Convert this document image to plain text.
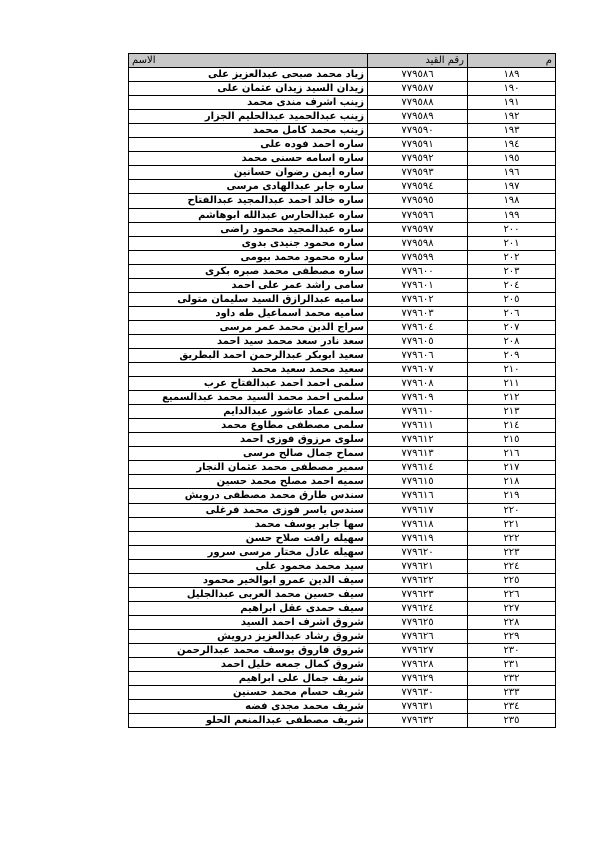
الاسم	رقم القيد	م
زياد محمد صبحى عبدالعزيز على	٧٧٩٥٨٦	١٨٩
زيدان السيد زيدان عثمان على	٧٧٩٥٨٧	١٩٠
زينب اشرف مندى محمد	٧٧٩٥٨٨	١٩١
زينب عبدالحميد عبدالحليم الجزار	٧٧٩٥٨٩	١٩٢
زينب محمد كامل محمد	٧٧٩٥٩٠	١٩٣
ساره احمد فوده على	٧٧٩٥٩١	١٩٤
ساره اسامه حسنى محمد	٧٧٩٥٩٢	١٩٥
ساره ايمن رضوان حسانين	٧٧٩٥٩٣	١٩٦
ساره جابر عبدالهادى مرسى	٧٧٩٥٩٤	١٩٧
ساره خالد احمد عبدالمجيد عبدالفتاح	٧٧٩٥٩٥	١٩٨
ساره عبدالحارس عبدالله ابوهاشم	٧٧٩٥٩٦	١٩٩
ساره عبدالمجيد محمود راضى	٧٧٩٥٩٧	٢٠٠
ساره محمود جنيدى بدوى	٧٧٩٥٩٨	٢٠١
ساره محمود محمد بيومى	٧٧٩٥٩٩	٢٠٢
ساره مصطفى محمد صبره بكرى	٧٧٩٦٠٠	٢٠٣
سامى راشد عمر على احمد	٧٧٩٦٠١	٢٠٤
ساميه عبدالرازق السيد سليمان متولى	٧٧٩٦٠٢	٢٠٥
ساميه محمد اسماعيل طه داود	٧٧٩٦٠٣	٢٠٦
سراج الدين محمد عمر مرسى	٧٧٩٦٠٤	٢٠٧
سعد نادر سعد محمد سيد احمد	٧٧٩٦٠٥	٢٠٨
سعيد ابوبكر عبدالرحمن احمد البطريق	٧٧٩٦٠٦	٢٠٩
سعيد محمد سعيد محمد	٧٧٩٦٠٧	٢١٠
سلمى احمد احمد عبدالفتاح عرب	٧٧٩٦٠٨	٢١١
سلمى احمد محمد السيد محمد عبدالسميع	٧٧٩٦٠٩	٢١٢
سلمى عماد عاشور عبدالدايم	٧٧٩٦١٠	٢١٣
سلمى مصطفى مطاوع محمد	٧٧٩٦١١	٢١٤
سلوى مرزوق فوزى احمد	٧٧٩٦١٢	٢١٥
سماح جمال صالح مرسى	٧٧٩٦١٣	٢١٦
سمير مصطفى محمد عثمان النجار	٧٧٩٦١٤	٢١٧
سميه احمد مصلح محمد حسين	٧٧٩٦١٥	٢١٨
سندس طارق محمد مصطفى درويش	٧٧٩٦١٦	٢١٩
سندس ياسر فوزى محمد فرغلى	٧٧٩٦١٧	٢٢٠
سها جابر يوسف محمد	٧٧٩٦١٨	٢٢١
سهيله رافت صلاح حسن	٧٧٩٦١٩	٢٢٢
سهيله عادل مختار مرسى سرور	٧٧٩٦٢٠	٢٢٣
سيد محمد محمود على	٧٧٩٦٢١	٢٢٤
سيف الدين عمرو ابوالخير محمود	٧٧٩٦٢٢	٢٢٥
سيف حسين محمد العربى عبدالجليل	٧٧٩٦٢٣	٢٢٦
سيف حمدى عقل ابراهيم	٧٧٩٦٢٤	٢٢٧
شروق اشرف احمد السيد	٧٧٩٦٢٥	٢٢٨
شروق رشاد عبدالعزيز درويش	٧٧٩٦٢٦	٢٢٩
شروق فاروق يوسف محمد عبدالرحمن	٧٧٩٦٢٧	٢٣٠
شروق كمال جمعه خليل احمد	٧٧٩٦٢٨	٢٣١
شريف جمال على ابراهيم	٧٧٩٦٢٩	٢٣٢
شريف حسام محمد حسنين	٧٧٩٦٣٠	٢٣٣
شريف محمد مجدى فضه	٧٧٩٦٣١	٢٣٤
شريف مصطفى عبدالمنعم الحلو	٧٧٩٦٣٢	٢٣٥
